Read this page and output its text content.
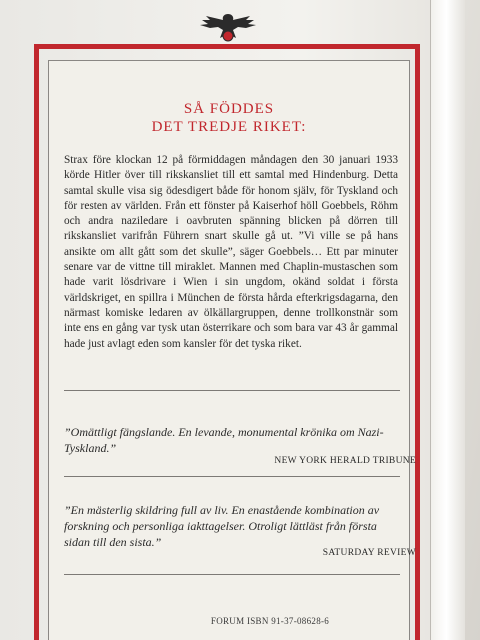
SÅ FÖDDES
DET TREDJE RIKET:
Strax före klockan 12 på förmiddagen måndagen den 30 januari 1933 körde Hitler över till rikskansliet till ett samtal med Hindenburg. Detta samtal skulle visa sig ödesdigert både för honom själv, för Tyskland och för resten av världen. Från ett fönster på Kaiserhof höll Goebbels, Röhm och andra naziledare i oavbruten spänning blicken på dörren till rikskansliet varifrån Führern snart skulle gå ut. ”Vi ville se på hans ansikte om allt gått som det skulle”, säger Goebbels… Ett par minuter senare var de vittne till miraklet. Mannen med Chaplin-mustaschen som hade varit lösdrivare i Wien i sin ungdom, okänd soldat i första världskriget, en spillra i München de första hårda efterkrigsdagarna, den närmast komiske ledaren av ölkällargruppen, denne trollkonstnär som inte ens en gång var tysk utan österrikare och som bara var 43 år gammal hade just avlagt eden som kansler för det tyska riket.
”Omättligt fängslande. En levande, monumental krönika om Nazi-Tyskland.”
NEW YORK HERALD TRIBUNE
”En mästerlig skildring full av liv. En enastående kombination av forskning och personliga iakttagelser. Otroligt lättläst från första sidan till den sista.”
SATURDAY REVIEW
FORUM ISBN 91-37-08628-6
